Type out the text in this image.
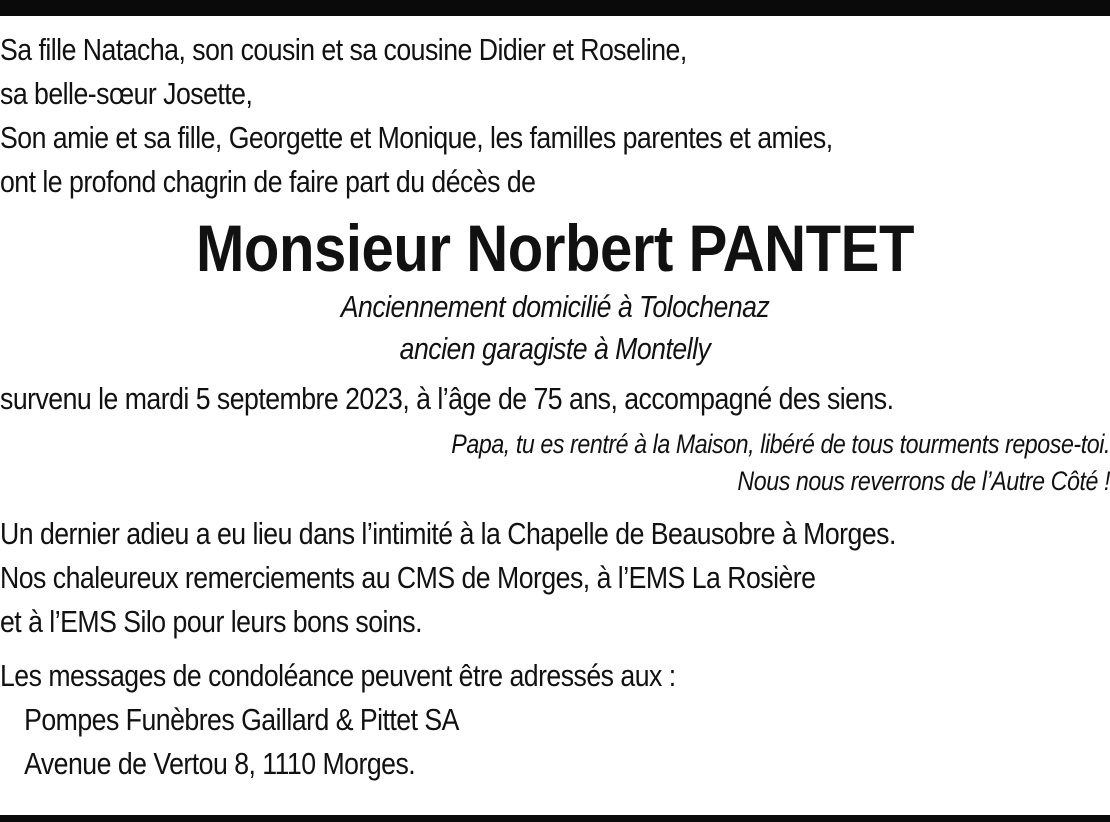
Sa fille Natacha, son cousin et sa cousine Didier et Roseline,
sa belle-sœur Josette,
Son amie et sa fille, Georgette et Monique, les familles parentes et amies,
ont le profond chagrin de faire part du décès de
Monsieur Norbert PANTET
Anciennement domicilié à Tolochenaz
ancien garagiste à Montelly
survenu le mardi 5 septembre 2023, à l’âge de 75 ans, accompagné des siens.
Papa, tu es rentré à la Maison, libéré de tous tourments repose-toi.
Nous nous reverrons de l’Autre Côté !
Un dernier adieu a eu lieu dans l’intimité à la Chapelle de Beausobre à Morges.
Nos chaleureux remerciements au CMS de Morges, à l’EMS La Rosière
et à l’EMS Silo pour leurs bons soins.
Les messages de condoléance peuvent être adressés aux :
Pompes Funèbres Gaillard & Pittet SA
Avenue de Vertou 8, 1110 Morges.
